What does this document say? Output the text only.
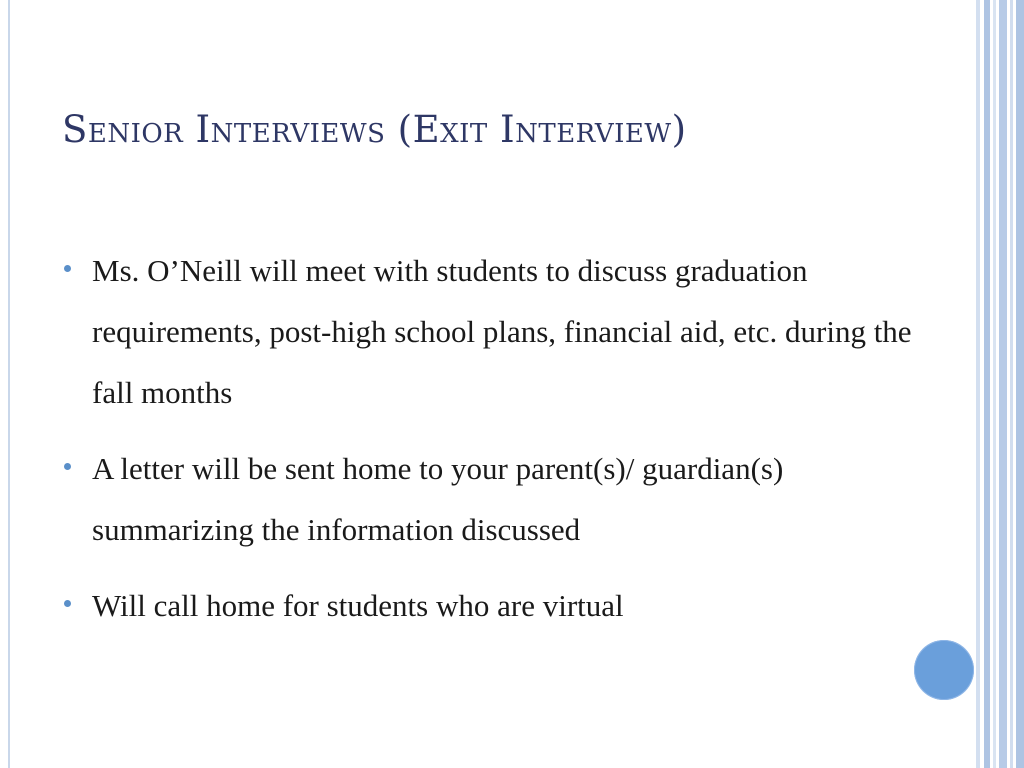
Senior Interviews (Exit Interview)
Ms. O’Neill will meet with students to discuss graduation requirements, post-high school plans, financial aid, etc. during the fall months
A letter will be sent home to your parent(s)/ guardian(s) summarizing the information discussed
Will call home for students who are virtual
